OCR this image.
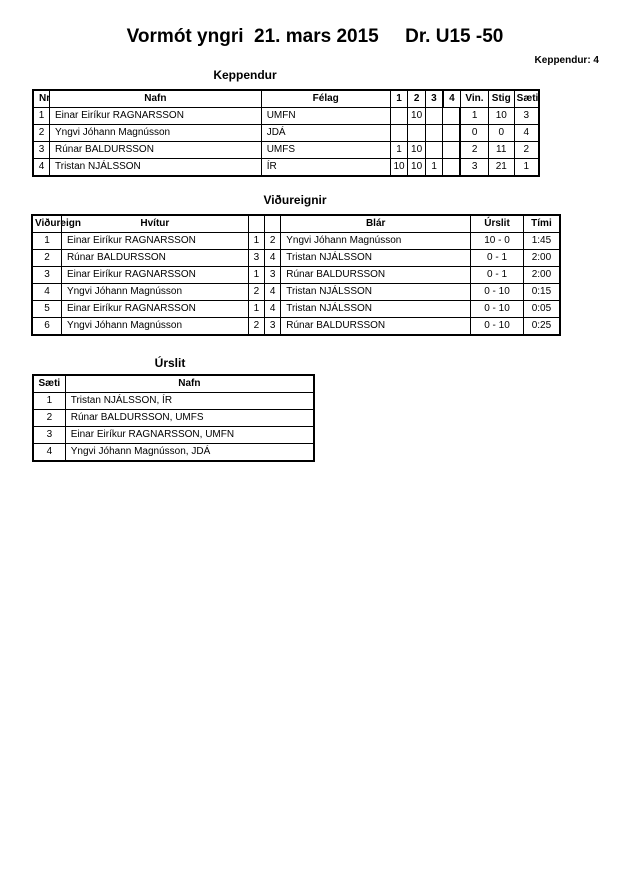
Vormót yngri  21. mars 2015     Dr. U15 -50
Keppendur: 4
Keppendur
Nr	Nafn	Félag	1	2	3	4	Vin.	Stig	Sæti
1	Einar Eiríkur RAGNARSSON	UMFN		10			1	10	3
2	Yngvi Jóhann Magnússon	JDÁ					0	0	4
3	Rúnar BALDURSSON	UMFS	1	10			2	11	2
4	Tristan NJÁLSSON	ÍR	10	10	1		3	21	1
Viðureignir
Viðureign	Hvítur			Blár	Úrslit	Tími
1	Einar Eiríkur RAGNARSSON	1	2	Yngvi Jóhann Magnússon	10 - 0	1:45
2	Rúnar BALDURSSON	3	4	Tristan NJÁLSSON	0 - 1	2:00
3	Einar Eiríkur RAGNARSSON	1	3	Rúnar BALDURSSON	0 - 1	2:00
4	Yngvi Jóhann Magnússon	2	4	Tristan NJÁLSSON	0 - 10	0:15
5	Einar Eiríkur RAGNARSSON	1	4	Tristan NJÁLSSON	0 - 10	0:05
6	Yngvi Jóhann Magnússon	2	3	Rúnar BALDURSSON	0 - 10	0:25
Úrslit
Sæti	Nafn
1	Tristan NJÁLSSON, ÍR
2	Rúnar BALDURSSON, UMFS
3	Einar Eiríkur RAGNARSSON, UMFN
4	Yngvi Jóhann Magnússon, JDÁ
